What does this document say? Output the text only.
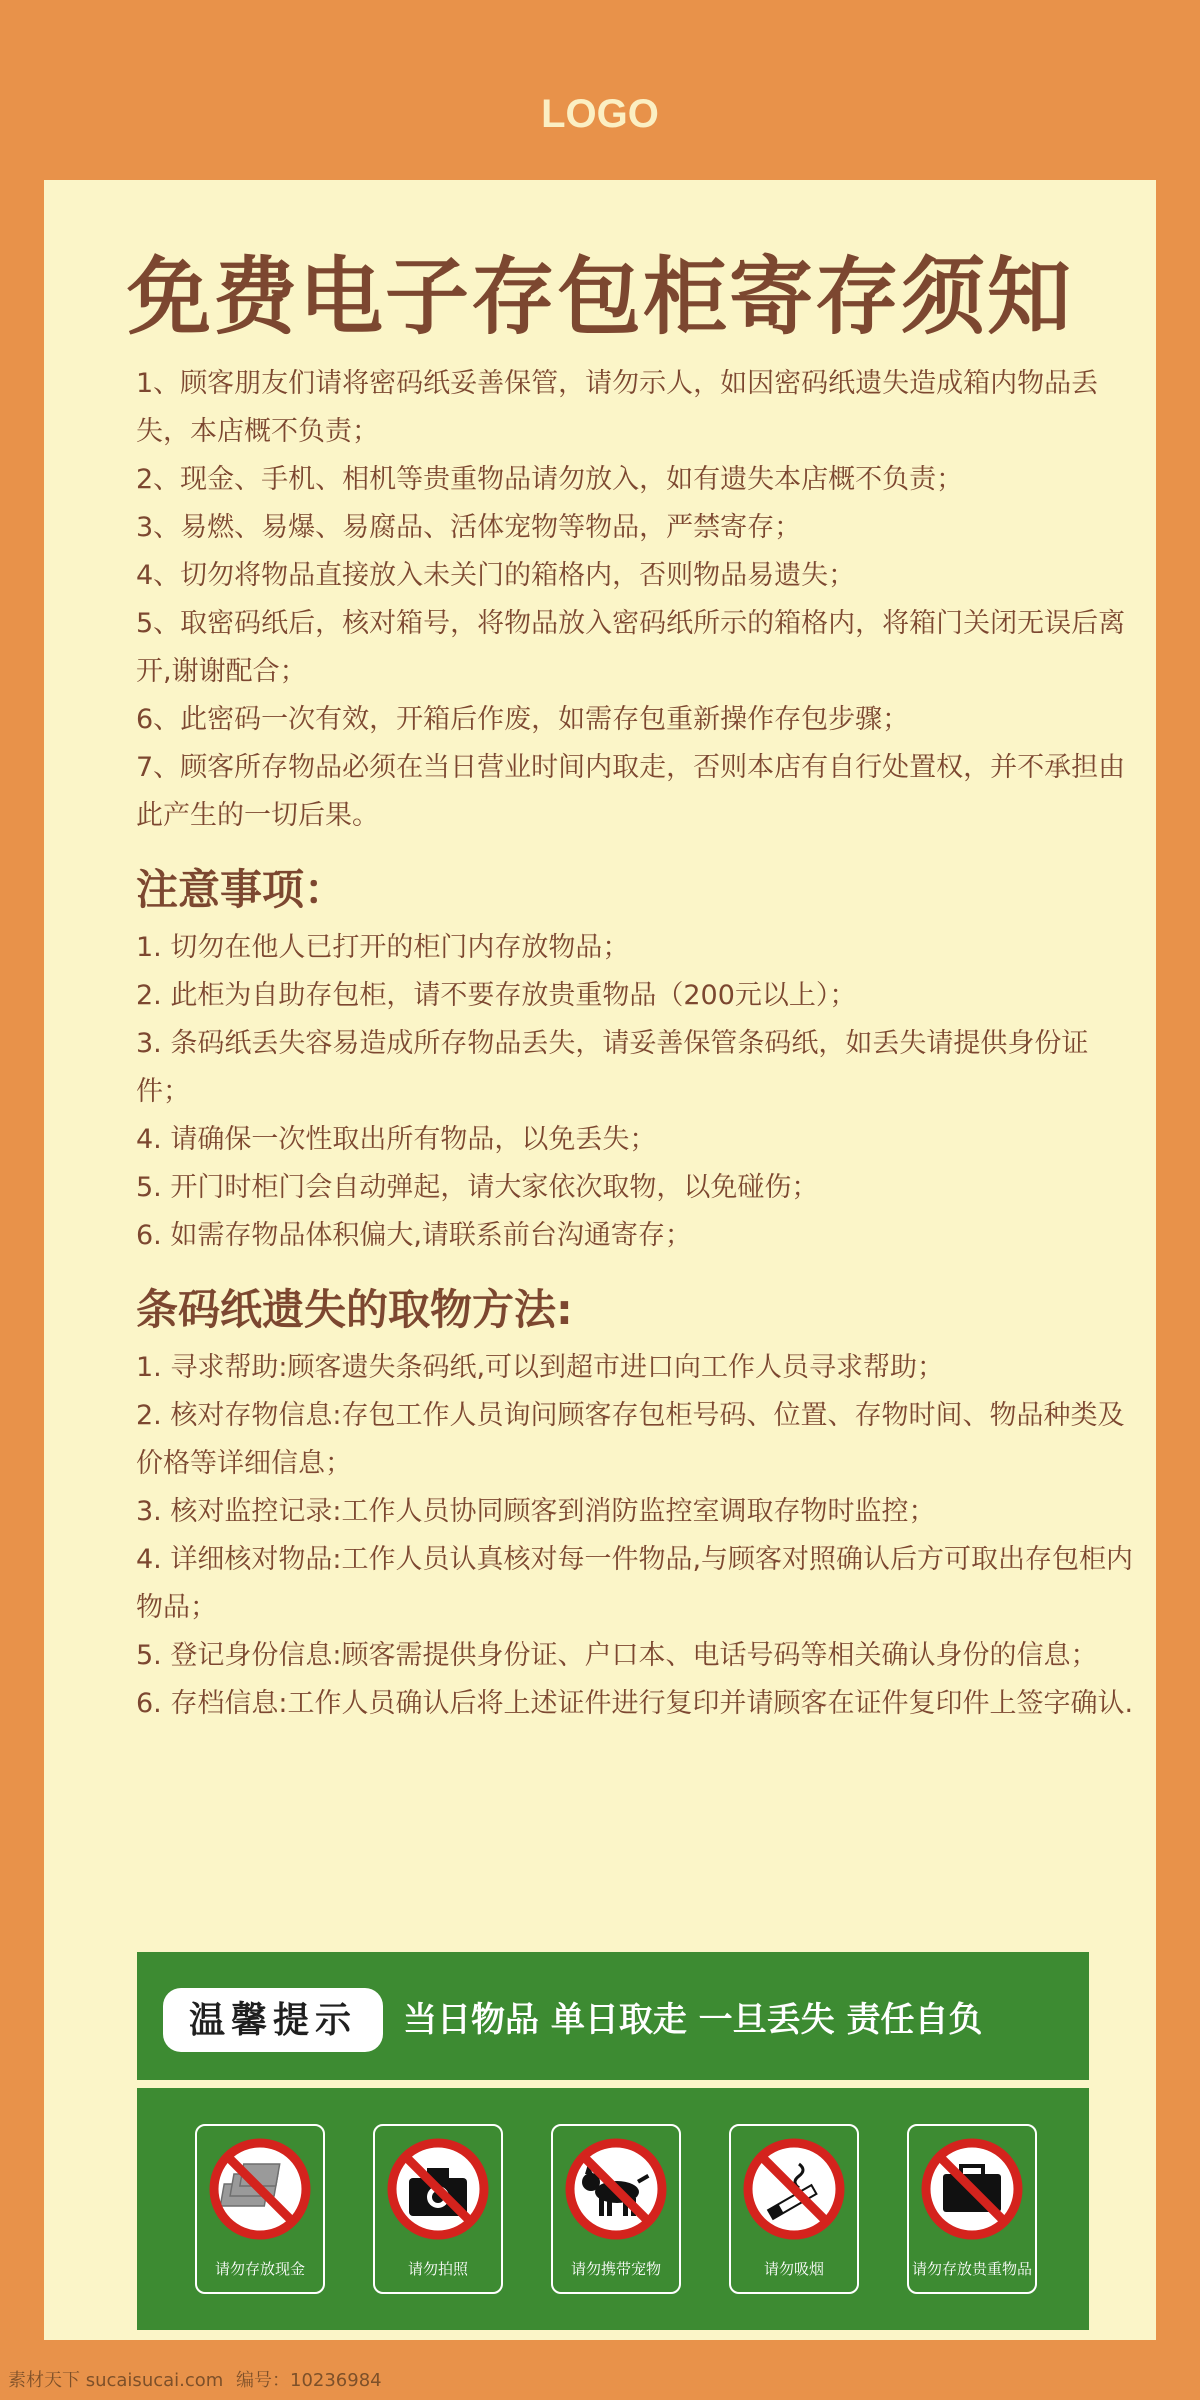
LOGO
免费电子存包柜寄存须知

1、顾客朋友们请将密码纸妥善保管，请勿示人，如因密码纸遗失造成箱内物品丢失，本店概不负责；

2、现金、手机、相机等贵重物品请勿放入，如有遗失本店概不负责；

3、易燃、易爆、易腐品、活体宠物等物品，严禁寄存；

4、切勿将物品直接放入未关门的箱格内，否则物品易遗失；

5、取密码纸后，核对箱号，将物品放入密码纸所示的箱格内，将箱门关闭无误后离开,谢谢配合；

6、此密码一次有效，开箱后作废，如需存包重新操作存包步骤；

7、顾客所存物品必须在当日营业时间内取走，否则本店有自行处置权，并不承担由此产生的一切后果。

注意事项：

1. 切勿在他人已打开的柜门内存放物品；

2. 此柜为自助存包柜，请不要存放贵重物品（200元以上）；

3. 条码纸丢失容易造成所存物品丢失，请妥善保管条码纸，如丢失请提供身份证件；

4. 请确保一次性取出所有物品，以免丢失；

5. 开门时柜门会自动弹起，请大家依次取物，以免碰伤；

6. 如需存物品体积偏大,请联系前台沟通寄存；

条码纸遗失的取物方法:

1. 寻求帮助:顾客遗失条码纸,可以到超市进口向工作人员寻求帮助；

2. 核对存物信息:存包工作人员询问顾客存包柜号码、位置、存物时间、物品种类及价格等详细信息；

3. 核对监控记录:工作人员协同顾客到消防监控室调取存物时监控；

4. 详细核对物品:工作人员认真核对每一件物品,与顾客对照确认后方可取出存包柜内物品；

5. 登记身份信息:顾客需提供身份证、户口本、电话号码等相关确认身份的信息；

6. 存档信息:工作人员确认后将上述证件进行复印并请顾客在证件复印件上签字确认.

温馨提示	当日物品 单日取走 一旦丢失 责任自负
请勿存放现金	请勿拍照	请勿携带宠物	请勿吸烟	请勿存放贵重物品
素材天下 sucaisucai.com 编号：10236984
